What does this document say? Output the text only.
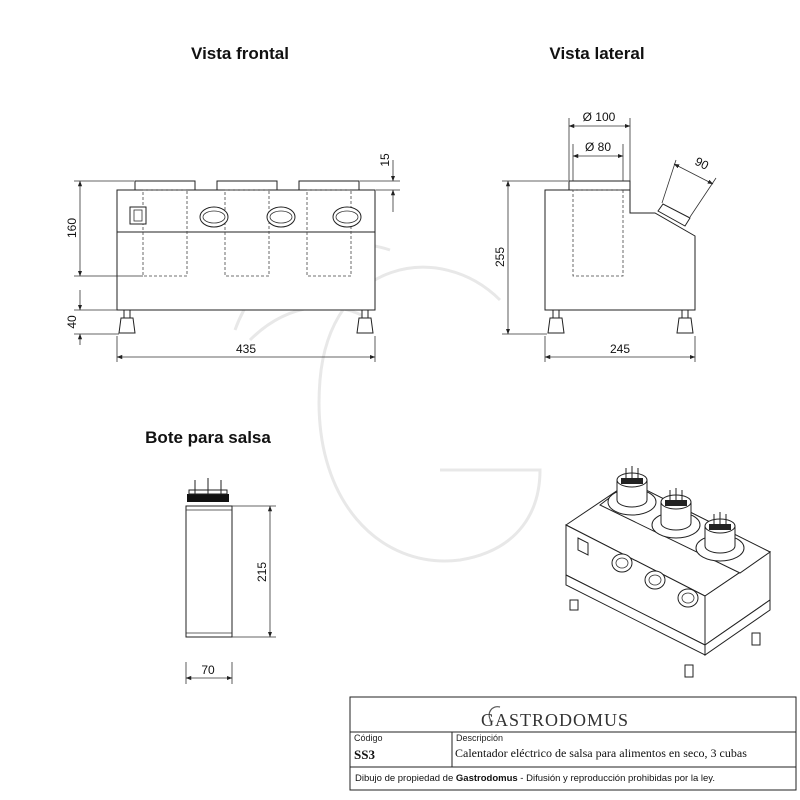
Vista frontal	Vista lateral
Bote para salsa
15
160
40
435
Ø 100
Ø 80
90
255
245
215
70
GASTRODOMUS
Código
SS3
Descripción
Calentador eléctrico de salsa para alimentos en seco, 3 cubas
Dibujo de propiedad de Gastrodomus - Difusión y reproducción prohibidas por la ley.
